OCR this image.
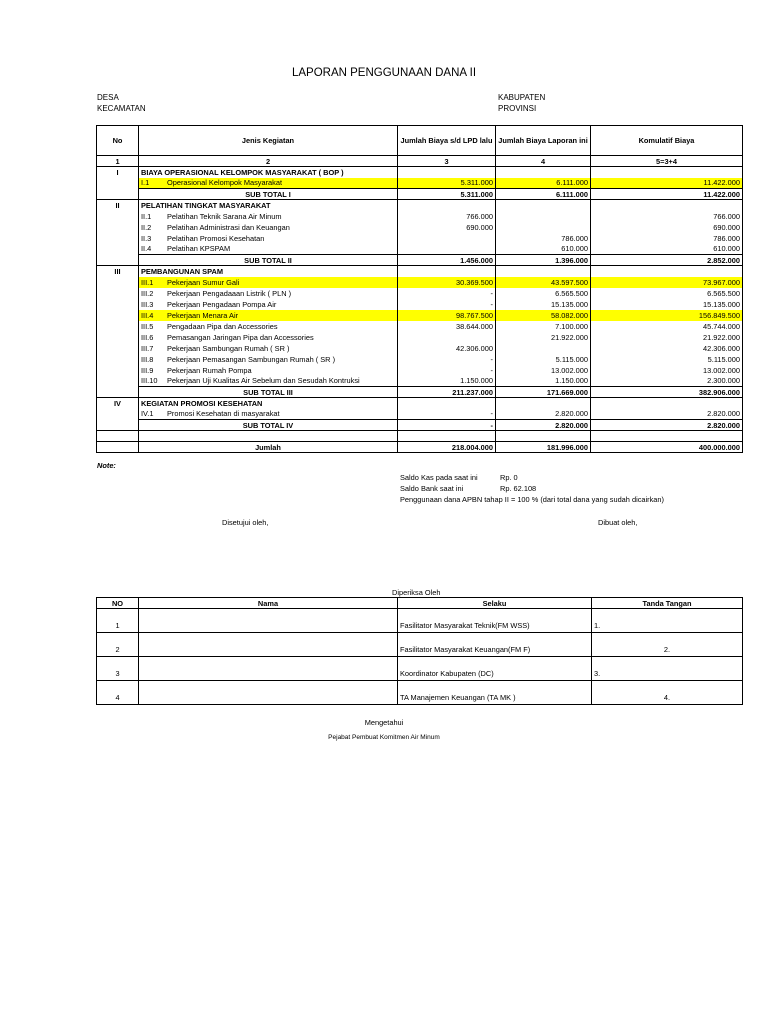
LAPORAN PENGGUNAAN DANA II
DESA
KECAMATAN
KABUPATEN
PROVINSI
No	Jenis Kegiatan	Jumlah Biaya s/d LPD lalu	Jumlah Biaya Laporan ini	Komulatif Biaya
1	2	3	4	5=3+4
I	BIAYA OPERASIONAL KELOMPOK MASYARAKAT ( BOP )			
	I.1 Operasional Kelompok Masyarakat	5.311.000	6.111.000	11.422.000
	SUB TOTAL I	5.311.000	6.111.000	11.422.000
II	PELATIHAN TINGKAT MASYARAKAT			
	II.1 Pelatihan Teknik Sarana Air Minum	766.000		766.000
	II.2 Pelatihan Administrasi dan Keuangan	690.000		690.000
	II.3 Pelatihan Promosi Kesehatan		786.000	786.000
	II.4 Pelatihan KPSPAM		610.000	610.000
	SUB TOTAL II	1.456.000	1.396.000	2.852.000
III	PEMBANGUNAN SPAM			
	III.1 Pekerjaan Sumur Gali	30.369.500	43.597.500	73.967.000
	III.2 Pekerjaan Pengadaaan Listrik ( PLN )	-	6.565.500	6.565.500
	III.3 Pekerjaan Pengadaan Pompa Air	-	15.135.000	15.135.000
	III.4 Pekerjaan Menara Air	98.767.500	58.082.000	156.849.500
	III.5 Pengadaan Pipa dan Accessories	38.644.000	7.100.000	45.744.000
	III.6 Pemasangan Jaringan Pipa dan Accessories		21.922.000	21.922.000
	III.7 Pekerjaan Sambungan Rumah ( SR )	42.306.000		42.306.000
	III.8 Pekerjaan Pemasangan Sambungan Rumah ( SR )	-	5.115.000	5.115.000
	III.9 Pekerjaan Rumah Pompa	-	13.002.000	13.002.000
	III.10 Pekerjaan Uji Kualitas Air Sebelum dan Sesudah Kontruksi	1.150.000	1.150.000	2.300.000
	SUB TOTAL III	211.237.000	171.669.000	382.906.000
IV	KEGIATAN PROMOSI KESEHATAN			
	IV.1 Promosi Kesehatan di masyarakat	-	2.820.000	2.820.000
	SUB TOTAL IV	-	2.820.000	2.820.000

	Jumlah	218.004.000	181.996.000	400.000.000
Note:
Saldo Kas pada saat ini	Rp. 0
Saldo Bank saat ini	Rp. 62.108
Penggunaan dana APBN tahap II = 100 % (dari total dana yang sudah dicairkan)
Disetujui oleh,	Dibuat oleh,
Diperiksa Oleh
NO	Nama	Selaku	Tanda Tangan
1		Fasilitator Masyarakat Teknik(FM WSS)	1.
2		Fasilitator Masyarakat Keuangan(FM F)	2.
3		Koordinator Kabupaten (DC)	3.
4		TA Manajemen Keuangan (TA MK )	4.
Mengetahui
Pejabat Pembuat Komitmen Air Minum
